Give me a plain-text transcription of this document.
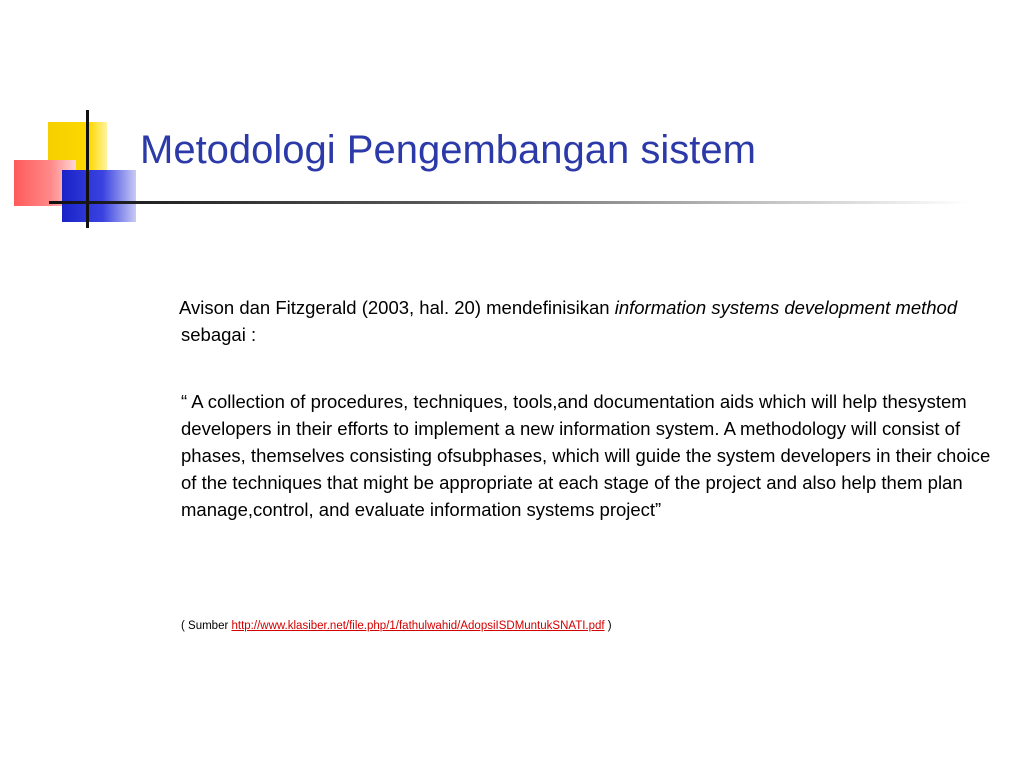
Metodologi Pengembangan sistem

Avison dan Fitzgerald (2003, hal. 20) mendefinisikan information systems development method sebagai :

“ A collection of procedures, techniques, tools,and documentation aids which will help thesystem developers in their efforts to implement a new information system. A methodology will consist of phases, themselves consisting ofsubphases, which will guide the system developers in their choice of the techniques that might be appropriate at each stage of the project and also help them plan manage,control, and evaluate information systems project”

( Sumber http://www.klasiber.net/file.php/1/fathulwahid/AdopsiISDMuntukSNATI.pdf )
